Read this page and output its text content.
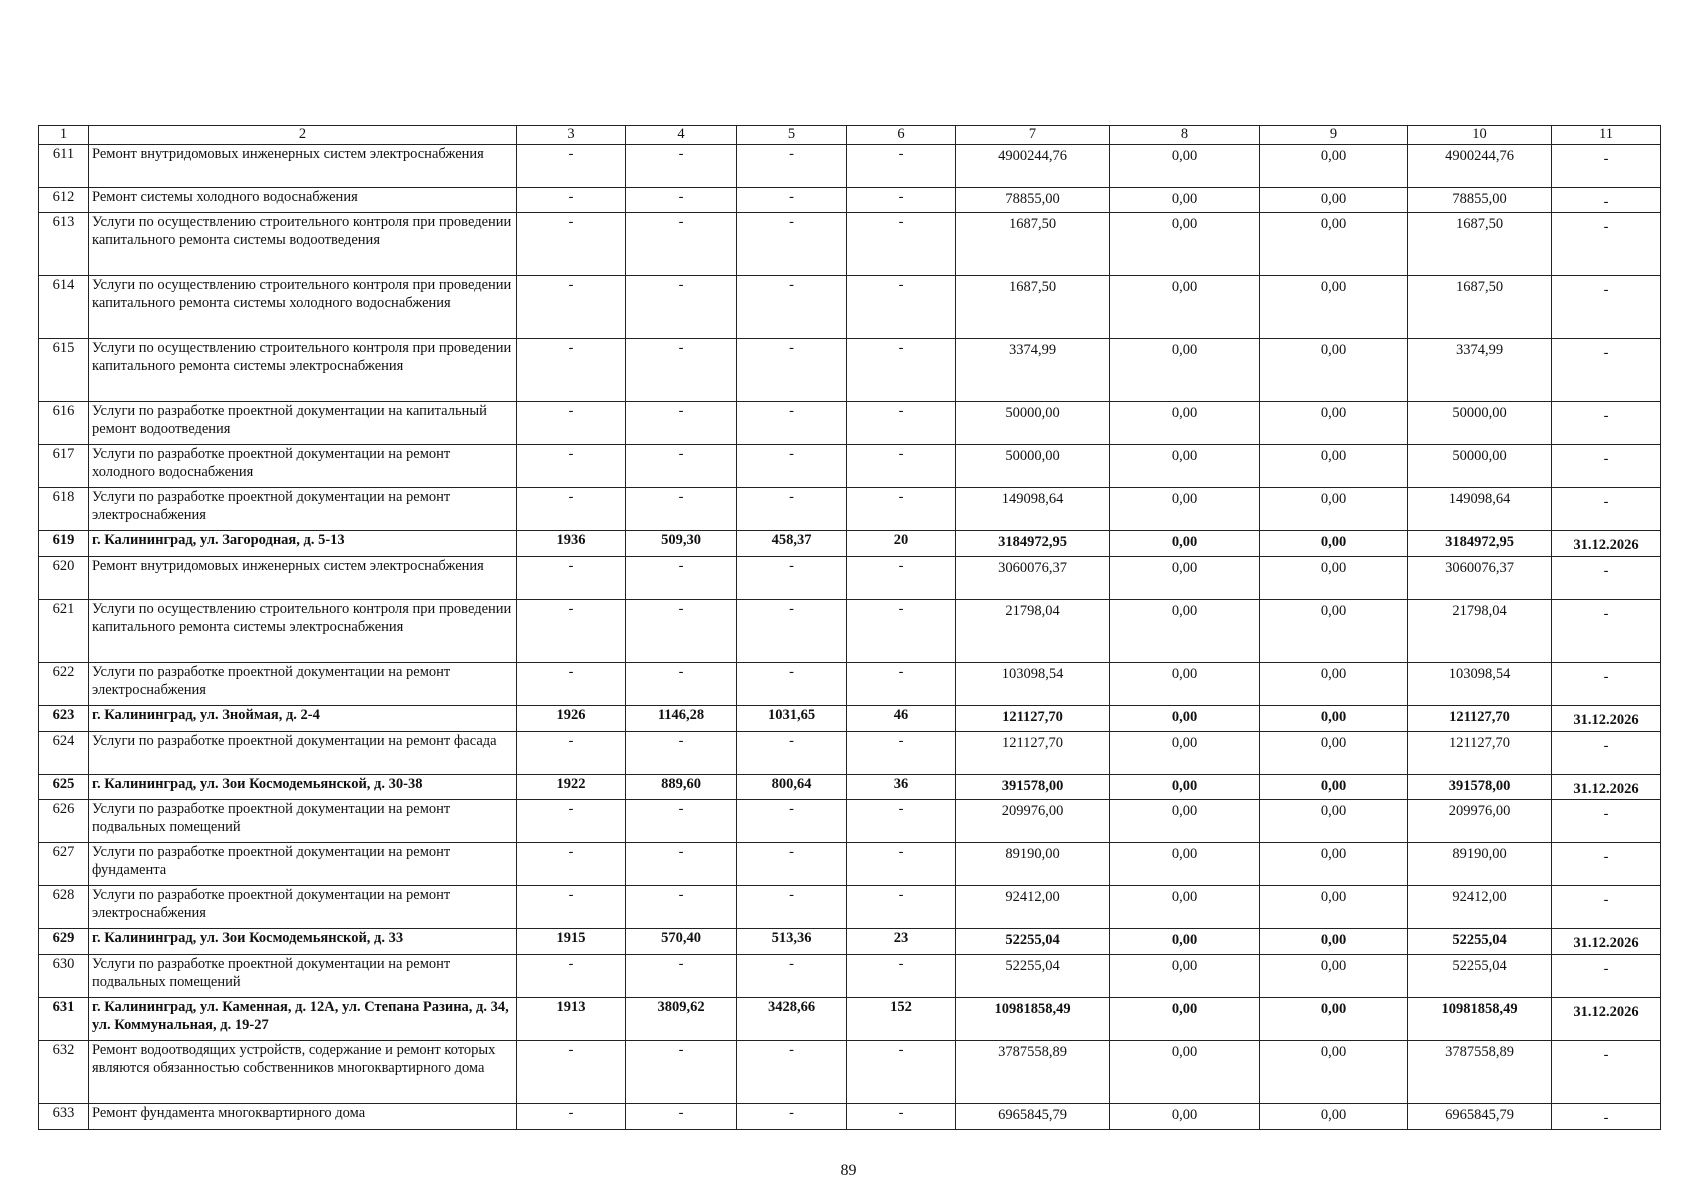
1	2	3	4	5	6	7	8	9	10	11
611	Ремонт внутридомовых инженерных систем электроснабжения	-	-	-	-	4900244,76	0,00	0,00	4900244,76	-
612	Ремонт системы холодного водоснабжения	-	-	-	-	78855,00	0,00	0,00	78855,00	-
613	Услуги по осуществлению строительного контроля при проведении капитального ремонта системы водоотведения	-	-	-	-	1687,50	0,00	0,00	1687,50	-
614	Услуги по осуществлению строительного контроля при проведении капитального ремонта системы холодного водоснабжения	-	-	-	-	1687,50	0,00	0,00	1687,50	-
615	Услуги по осуществлению строительного контроля при проведении капитального ремонта системы электроснабжения	-	-	-	-	3374,99	0,00	0,00	3374,99	-
616	Услуги по разработке проектной документации на капитальный ремонт водоотведения	-	-	-	-	50000,00	0,00	0,00	50000,00	-
617	Услуги по разработке проектной документации на ремонт холодного водоснабжения	-	-	-	-	50000,00	0,00	0,00	50000,00	-
618	Услуги по разработке проектной документации на ремонт электроснабжения	-	-	-	-	149098,64	0,00	0,00	149098,64	-
619	г. Калининград, ул. Загородная, д. 5-13	1936	509,30	458,37	20	3184972,95	0,00	0,00	3184972,95	31.12.2026
620	Ремонт внутридомовых инженерных систем электроснабжения	-	-	-	-	3060076,37	0,00	0,00	3060076,37	-
621	Услуги по осуществлению строительного контроля при проведении капитального ремонта системы электроснабжения	-	-	-	-	21798,04	0,00	0,00	21798,04	-
622	Услуги по разработке проектной документации на ремонт электроснабжения	-	-	-	-	103098,54	0,00	0,00	103098,54	-
623	г. Калининград, ул. Зноймая, д. 2-4	1926	1146,28	1031,65	46	121127,70	0,00	0,00	121127,70	31.12.2026
624	Услуги по разработке проектной документации на ремонт фасада	-	-	-	-	121127,70	0,00	0,00	121127,70	-
625	г. Калининград, ул. Зои Космодемьянской, д. 30-38	1922	889,60	800,64	36	391578,00	0,00	0,00	391578,00	31.12.2026
626	Услуги по разработке проектной документации на ремонт подвальных помещений	-	-	-	-	209976,00	0,00	0,00	209976,00	-
627	Услуги по разработке проектной документации на ремонт фундамента	-	-	-	-	89190,00	0,00	0,00	89190,00	-
628	Услуги по разработке проектной документации на ремонт электроснабжения	-	-	-	-	92412,00	0,00	0,00	92412,00	-
629	г. Калининград, ул. Зои Космодемьянской, д. 33	1915	570,40	513,36	23	52255,04	0,00	0,00	52255,04	31.12.2026
630	Услуги по разработке проектной документации на ремонт подвальных помещений	-	-	-	-	52255,04	0,00	0,00	52255,04	-
631	г. Калининград, ул. Каменная, д. 12А, ул. Степана Разина, д. 34, ул. Коммунальная, д. 19-27	1913	3809,62	3428,66	152	10981858,49	0,00	0,00	10981858,49	31.12.2026
632	Ремонт водоотводящих устройств, содержание и ремонт которых являются обязанностью собственников многоквартирного дома	-	-	-	-	3787558,89	0,00	0,00	3787558,89	-
633	Ремонт фундамента многоквартирного дома	-	-	-	-	6965845,79	0,00	0,00	6965845,79	-
89
